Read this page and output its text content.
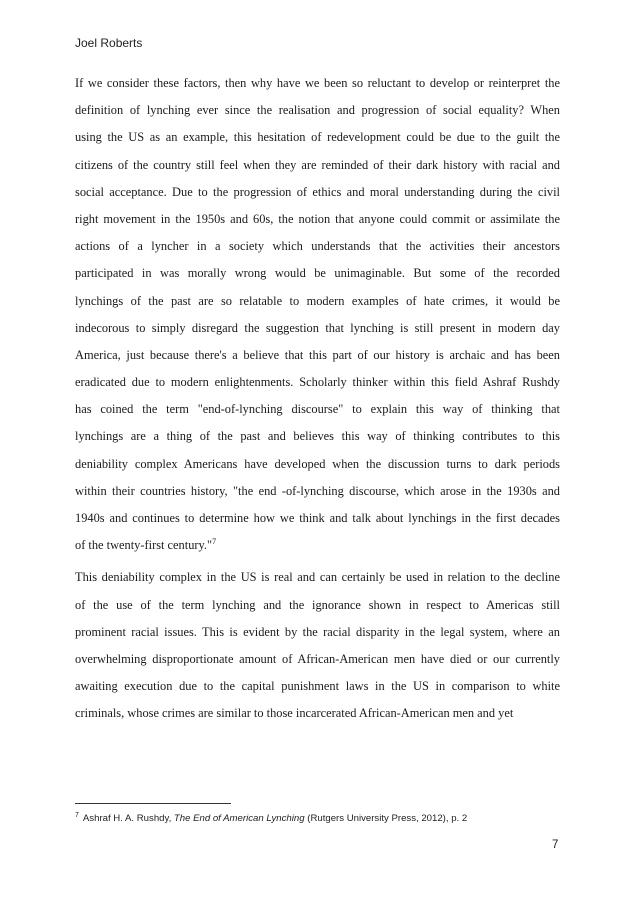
Joel Roberts
If we consider these factors, then why have we been so reluctant to develop or reinterpret the
definition of lynching ever since the realisation and progression of social equality? When
using the US as an example, this hesitation of redevelopment could be due to the guilt the
citizens of the country still feel when they are reminded of their dark history with racial and
social acceptance. Due to the progression of ethics and moral understanding during the civil
right movement in the 1950s and 60s, the notion that anyone could commit or assimilate the
actions of a lyncher in a society which understands that the activities their ancestors
participated in was morally wrong would be unimaginable. But some of the recorded
lynchings of the past are so relatable to modern examples of hate crimes, it would be
indecorous to simply disregard the suggestion that lynching is still present in modern day
America, just because there's a believe that this part of our history is archaic and has been
eradicated due to modern enlightenments. Scholarly thinker within this field Ashraf Rushdy
has coined the term "end-of-lynching discourse" to explain this way of thinking that
lynchings are a thing of the past and believes this way of thinking contributes to this
deniability complex Americans have developed when the discussion turns to dark periods
within their countries history, "the end -of-lynching discourse, which arose in the 1930s and
1940s and continues to determine how we think and talk about lynchings in the first decades
of the twenty-first century."$^7$
This deniability complex in the US is real and can certainly be used in relation to the decline
of the use of the term lynching and the ignorance shown in respect to Americas still
prominent racial issues. This is evident by the racial disparity in the legal system, where an
overwhelming disproportionate amount of African-American men have died or our currently
awaiting execution due to the capital punishment laws in the US in comparison to white
criminals, whose crimes are similar to those incarcerated African-American men and yet
$^7$ Ashraf H. A. Rushdy, The End of American Lynching (Rutgers University Press, 2012), p. 2
7
